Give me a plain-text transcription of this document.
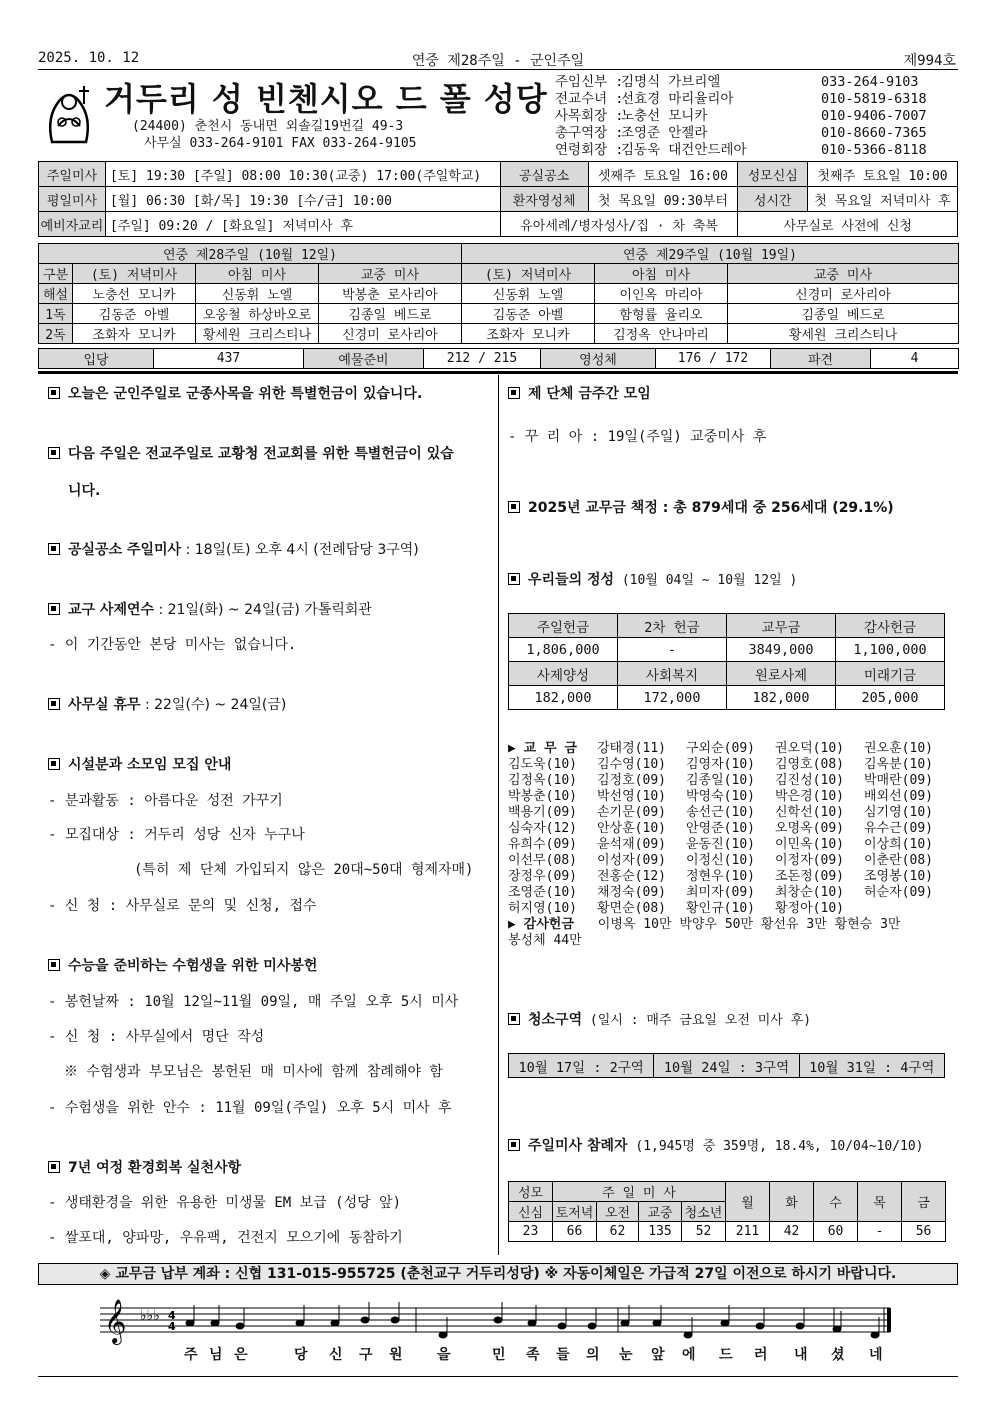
2025. 10. 12	연중 제28주일 - 군인주일	제994호
거두리 성 빈첸시오 드 폴 성당
(24400) 춘천시 동내면 외솔길19번길 49-3
사무실 033-264-9101 FAX 033-264-9105
주임신부 :
김명식 가브리엘	033-264-9103
전교수녀 :
선효경 마리율리아	010-5819-6318
사목회장 :
노충선 모니카	010-9406-7007
총구역장 :
조영준 안젤라	010-8660-7365
연령회장 :
김동욱 대건안드레아	010-5366-8118
주일미사	[토] 19:30 [주일] 08:00 10:30(교중) 17:00(주일학교)	공실공소	셋째주 토요일 16:00	성모신심	첫째주 토요일 10:00
평일미사	[월] 06:30 [화/목] 19:30 [수/금] 10:00	환자영성체	첫 목요일 09:30부터	성시간	첫 목요일 저녁미사 후
예비자교리	[주일] 09:20 / [화요일] 저녁미사 후	유아세례/병자성사/집 · 차 축복		사무실로 사전에 신청	
연중 제28주일 (10월 12일)				연중 제29주일 (10월 19일)		
구분	(토) 저녁미사	아침 미사	교중 미사	(토) 저녁미사	아침 미사	교중 미사
해설	노충선 모니카	신동휘 노엘	박봉춘 로사리아	신동휘 노엘	이인옥 마리아	신경미 로사리아
1독	김동준 아벨	오웅철 하상바오로	김종일 베드로	김동준 아벨	함형률 율리오	김종일 베드로
2독	조화자 모니카	황세원 크리스티나	신경미 로사리아	조화자 모니카	김정옥 안나마리	황세원 크리스티나
입당	437	예물준비	212 / 215	영성체	176 / 172	파견	4
오늘은 군인주일로 군종사목을 위한 특별헌금이 있습니다.
다음 주일은 전교주일로 교황청 전교회를 위한 특별헌금이 있습
니다.
공실공소 주일미사 : 18일(토) 오후 4시 (전례담당 3구역)
교구 사제연수 : 21일(화) ~ 24일(금) 가톨릭회관
- 이 기간동안 본당 미사는 없습니다.
사무실 휴무 : 22일(수) ~ 24일(금)
시설분과 소모임 모집 안내
- 분과활동 : 아름다운 성전 가꾸기
- 모집대상 : 거두리 성당 신자 누구나
(특히 제 단체 가입되지 않은 20대~50대 형제자매)
- 신 청 : 사무실로 문의 및 신청, 접수
수능을 준비하는 수험생을 위한 미사봉헌
- 봉헌날짜 : 10월 12일~11월 09일, 매 주일 오후 5시 미사
- 신 청 : 사무실에서 명단 작성
※ 수험생과 부모님은 봉헌된 매 미사에 함께 참례해야 함
- 수험생을 위한 안수 : 11월 09일(주일) 오후 5시 미사 후
7년 여정 환경회복 실천사항
- 생태환경을 위한 유용한 미생물 EM 보급 (성당 앞)
- 쌀포대, 양파망, 우유팩, 건전지 모으기에 동참하기
제 단체 금주간 모임
- 꾸 리 아 : 19일(주일) 교중미사 후
2025년 교무금 책정 : 총 879세대 중 256세대 (29.1%)
우리들의 정성 (10월 04일 ~ 10월 12일 )
주일헌금	2차 헌금	교무금	감사헌금
1,806,000	-	3849,000	1,100,000
사제양성	사회복지	원로사제	미래기금
182,000	172,000	182,000	205,000
▶ 교 무 금	강태경(11)	구외순(09)	권오덕(10)	권오훈(10)
김도욱(10)	김수영(10)	김영자(10)	김영호(08)	김옥분(10)
김정옥(10)	김정호(09)	김종일(10)	김진성(10)	박매란(09)
박봉춘(10)	박선영(10)	박영숙(10)	박은경(10)	배외선(09)
백용기(09)	손기문(09)	송선근(10)	신학선(10)	심기영(10)
심숙자(12)	안상훈(10)	안영준(10)	오명옥(09)	유수근(09)
유희수(09)	윤석재(09)	윤동진(10)	이민옥(10)	이상희(10)
이선무(08)	이성자(09)	이정신(10)	이정자(09)	이춘란(08)
장정우(09)	전홍순(12)	정현우(10)	조돈정(09)	조영봉(10)
조영준(10)	채정숙(09)	최미자(09)	최창순(10)	허순자(09)
허지영(10)	황면순(08)	황인규(10)	황정아(10)
▶ 감사헌금	이병옥 10만 박양우 50만 황선유 3만 황현승 3만
봉성체 44만
청소구역 (일시 : 매주 금요일 오전 미사 후)
10월 17일 : 2구역	10월 24일 : 3구역	10월 31일 : 4구역
주일미사 참례자 (1,945명 중 359명, 18.4%, 10/04~10/10)
성모	주 일 미 사				월	화	수	목	금
신심	토저녁	오전	교중	청소년					
23	66	62	135	52	211	42	60	-	56
◈ 교무금 납부 계좌 : 신협 131-015-955725 (춘천교구 거두리성당) ※ 자동이체일은 가급적 27일 이전으로 하시기 바랍니다.
𝄞 ♭♭♭ 4
4
주 님 은	당 신 구 원 을	민 족 들 의 눈 앞 에 드 러 내 셨 네
